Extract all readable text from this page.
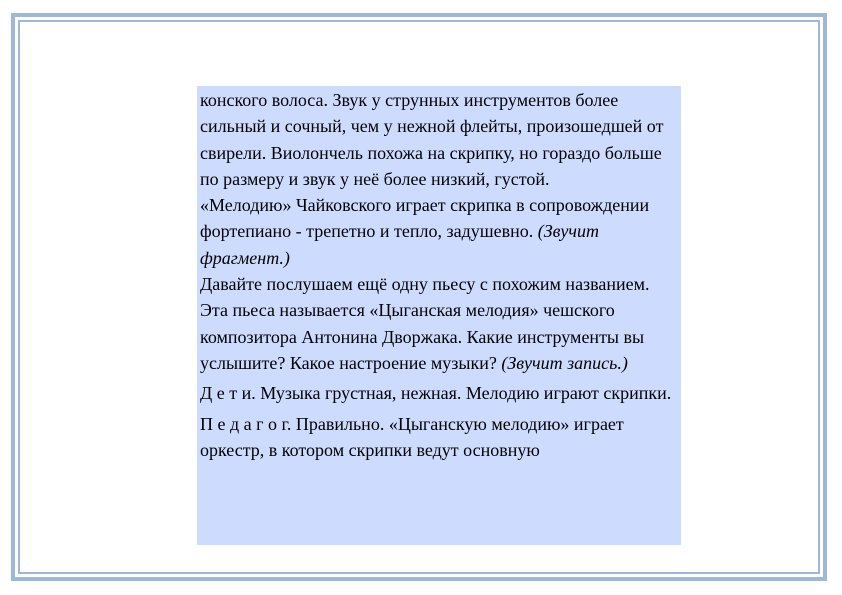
конского волоса. Звук у струнных инструментов более сильный и сочный, чем у нежной флейты, произошедшей от свирели. Виолончель похожа на скрипку, но гораздо больше по размеру и звук у неё более низкий, густой.

«Мелодию» Чайковского играет скрипка в сопровождении фортепиано - трепетно и тепло, задушевно. (Звучит фрагмент.)

Давайте послушаем ещё одну пьесу с похожим названием. Эта пьеса называется «Цыганская мелодия» чешского композитора Антонина Дворжака. Какие инструменты вы услышите? Какое настроение музыки? (Звучит запись.)

Д е т и. Музыка грустная, нежная. Мелодию играют скрипки.

П е д а г о г. Правильно. «Цыганскую мелодию» играет оркестр, в котором скрипки ведут основную
